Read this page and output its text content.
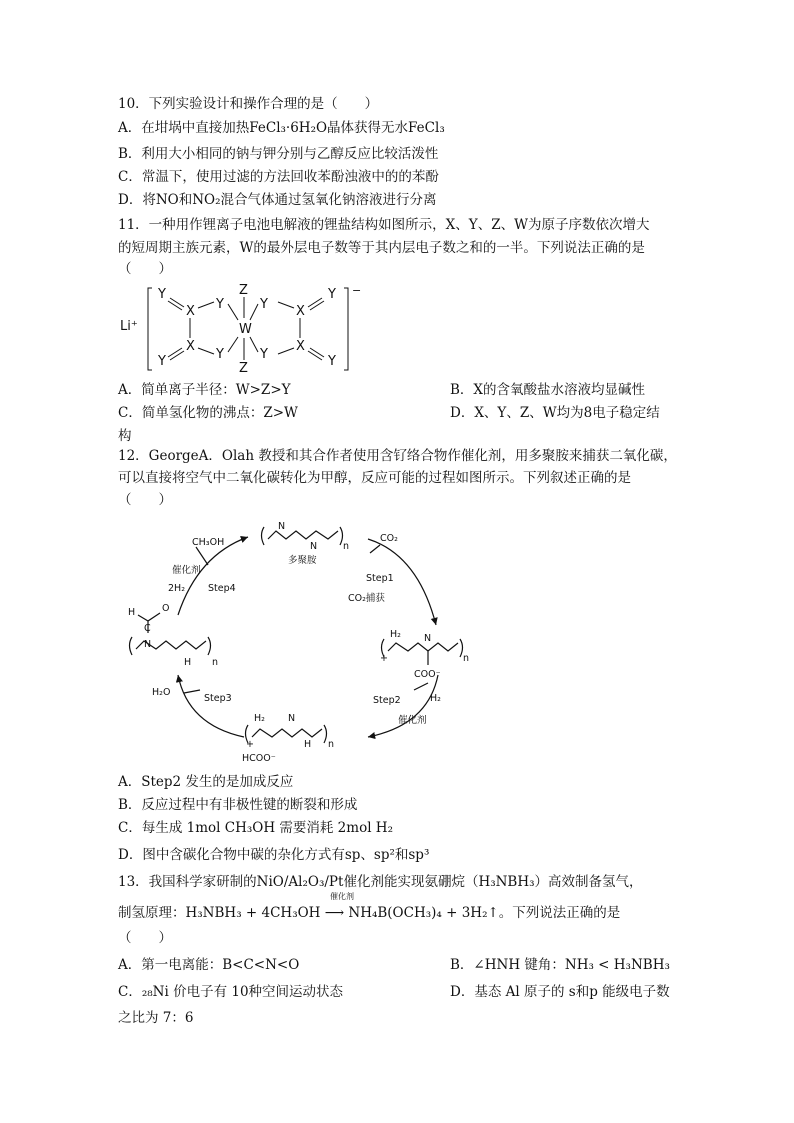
10．下列实验设计和操作合理的是（　　）
A．在坩埚中直接加热FeCl₃·6H₂O晶体获得无水FeCl₃
B．利用大小相同的钠与钾分别与乙醇反应比较活泼性
C．常温下，使用过滤的方法回收苯酚浊液中的的苯酚
D．将NO和NO₂混合气体通过氢氧化钠溶液进行分离
11．一种用作锂离子电池电解液的锂盐结构如图所示，X、Y、Z、W为原子序数依次增大
的短周期主族元素，W的最外层电子数等于其内层电子数之和的一半。下列说法正确的是
（　　）
Li⁺
−
Y	Y
Y	Y
X
X
X
X
Y
Y
Y
Y
W
Z
Z
A．简单离子半径：W>Z>Y	B．X的含氧酸盐水溶液均显碱性
C．简单氢化物的沸点：Z>W	D．X、Y、Z、W均为8电子稳定结
构
12．GeorgeA．Olah 教授和其合作者使用含钌络合物作催化剂，用多聚胺来捕获二氧化碳，
可以直接将空气中二氧化碳转化为甲醇，反应可能的过程如图所示。下列叙述正确的是
（　　）
多聚胺
N
N	n
CO₂
Step1
CO₂捕获
H₂
+
N
COO⁻
n
Step2	H₂
催化剂
H₂
+
N
H
HCOO⁻
n
Step3
H₂O
H
C
O
N
H n
Step4
催化剂
2H₂
CH₃OH
A．Step2 发生的是加成反应
B．反应过程中有非极性键的断裂和形成
C．每生成 1mol CH₃OH 需要消耗 2mol H₂
D．图中含碳化合物中碳的杂化方式有sp、sp²和sp³
13．我国科学家研制的NiO/Al₂O₃/Pt催化剂能实现氨硼烷（H₃NBH₃）高效制备氢气，
制氢原理：H₃NBH₃ + 4CH₃OH ⟶ NH₄B(OCH₃)₄ + 3H₂↑。下列说法正确的是
催化剂
（　　）
A．第一电离能：B<C<N<O	B．∠HNH 键角：NH₃ < H₃NBH₃
C．₂₈Ni 价电子有 10种空间运动状态	D．基态 Al 原子的 s和p 能级电子数
之比为 7：6
